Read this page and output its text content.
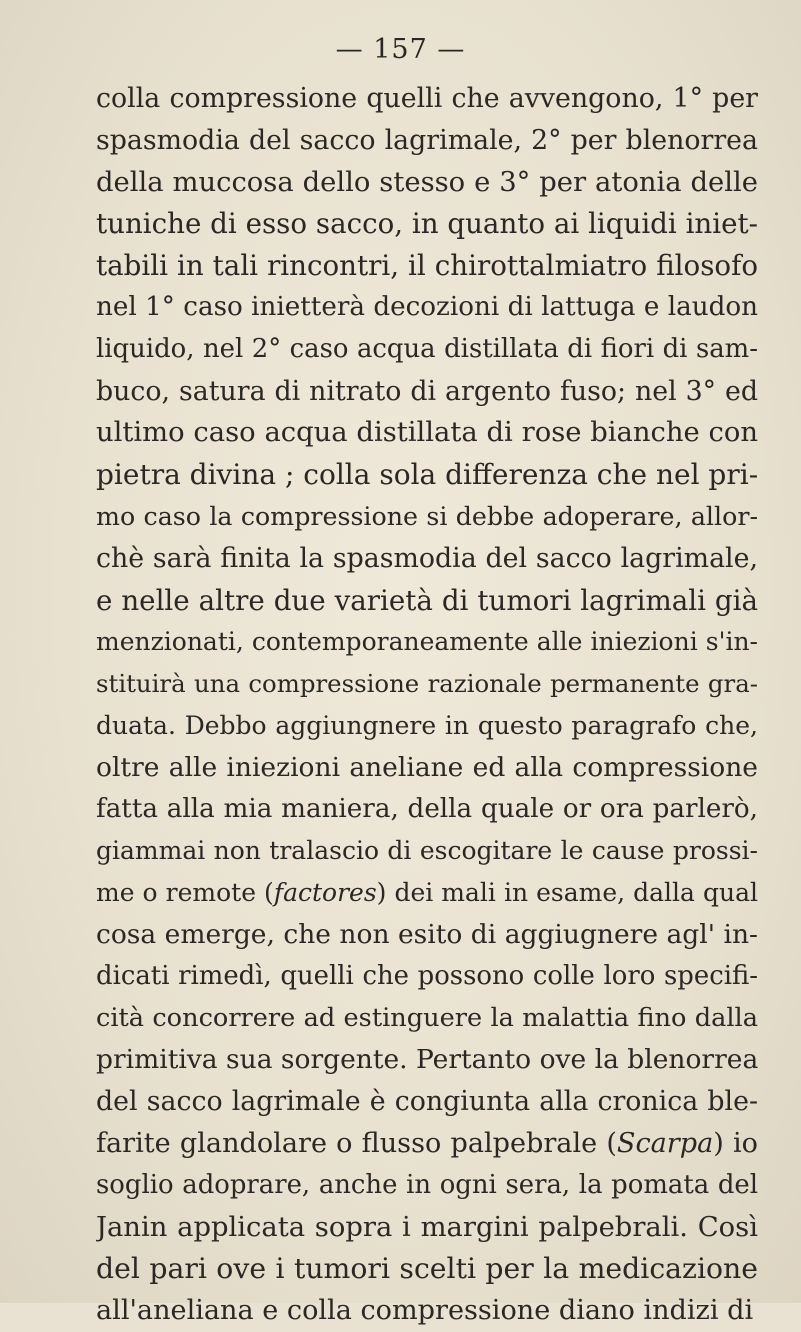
— 157 —
colla compressione quelli che avvengono, 1° per
spasmodia del sacco lagrimale, 2° per blenorrea
della muccosa dello stesso e 3° per atonia delle
tuniche di esso sacco, in quanto ai liquidi iniet-
tabili in tali rincontri, il chirottalmiatro filosofo
nel 1° caso inietterà decozioni di lattuga e laudon
liquido, nel 2° caso acqua distillata di fiori di sam-
buco, satura di nitrato di argento fuso; nel 3° ed
ultimo caso acqua distillata di rose bianche con
pietra divina ; colla sola differenza che nel pri-
mo caso la compressione si debbe adoperare, allor-
chè sarà finita la spasmodia del sacco lagrimale,
e nelle altre due varietà di tumori lagrimali già
menzionati, contemporaneamente alle iniezioni s'in-
stituirà una compressione razionale permanente gra-
duata. Debbo aggiungnere in questo paragrafo che,
oltre alle iniezioni aneliane ed alla compressione
fatta alla mia maniera, della quale or ora parlerò,
giammai non tralascio di escogitare le cause prossi-
me o remote (factores) dei mali in esame, dalla qual
cosa emerge, che non esito di aggiugnere agl' in-
dicati rimedì, quelli che possono colle loro specifi-
cità concorrere ad estinguere la malattia fino dalla
primitiva sua sorgente. Pertanto ove la blenorrea
del sacco lagrimale è congiunta alla cronica ble-
farite glandolare o flusso palpebrale (Scarpa) io
soglio adoprare, anche in ogni sera, la pomata del
Janin applicata sopra i margini palpebrali. Così
del pari ove i tumori scelti per la medicazione
all'aneliana e colla compressione diano indizi di
